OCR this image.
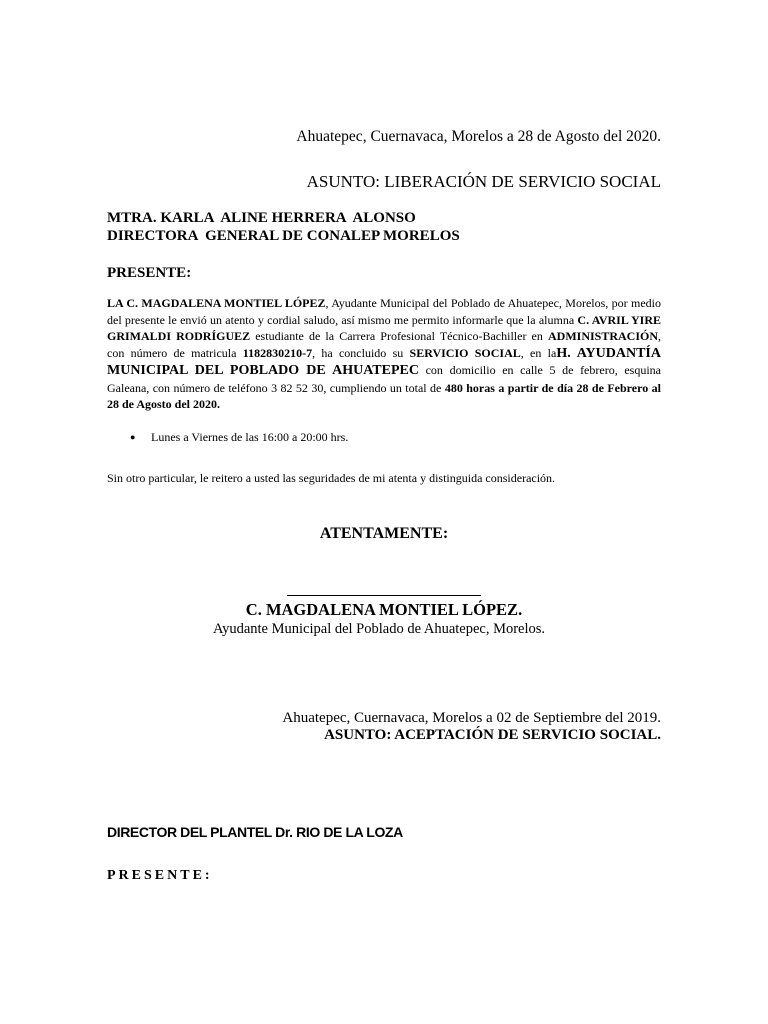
Ahuatepec, Cuernavaca, Morelos a 28 de Agosto del 2020.
ASUNTO: LIBERACIÓN DE SERVICIO SOCIAL
MTRA. KARLA  ALINE HERRERA  ALONSO
DIRECTORA  GENERAL DE CONALEP MORELOS
PRESENTE:
LA C. MAGDALENA MONTIEL LÓPEZ, Ayudante Municipal del Poblado de Ahuatepec, Morelos, por medio del presente le envió un atento y cordial saludo, así mismo me permito informarle que la alumna C. AVRIL YIRE GRIMALDI RODRÍGUEZ estudiante de la Carrera Profesional Técnico-Bachiller en ADMINISTRACIÓN, con número de matricula 1182830210-7, ha concluido su SERVICIO SOCIAL, en laH. AYUDANTÍA MUNICIPAL DEL POBLADO DE AHUATEPEC con domicilio en calle 5 de febrero, esquina Galeana, con número de teléfono 3 82 52 30, cumpliendo un total de 480 horas a partir de día 28 de Febrero al 28 de Agosto del 2020.
● Lunes a Viernes de las 16:00 a 20:00 hrs.
Sin otro particular, le reitero a usted las seguridades de mi atenta y distinguida consideración.
ATENTAMENTE:
C. MAGDALENA MONTIEL LÓPEZ.
Ayudante Municipal del Poblado de Ahuatepec, Morelos.
Ahuatepec, Cuernavaca, Morelos a 02 de Septiembre del 2019.
ASUNTO: ACEPTACIÓN DE SERVICIO SOCIAL.
DIRECTOR DEL PLANTEL Dr. RIO DE LA LOZA
PRESENTE:
